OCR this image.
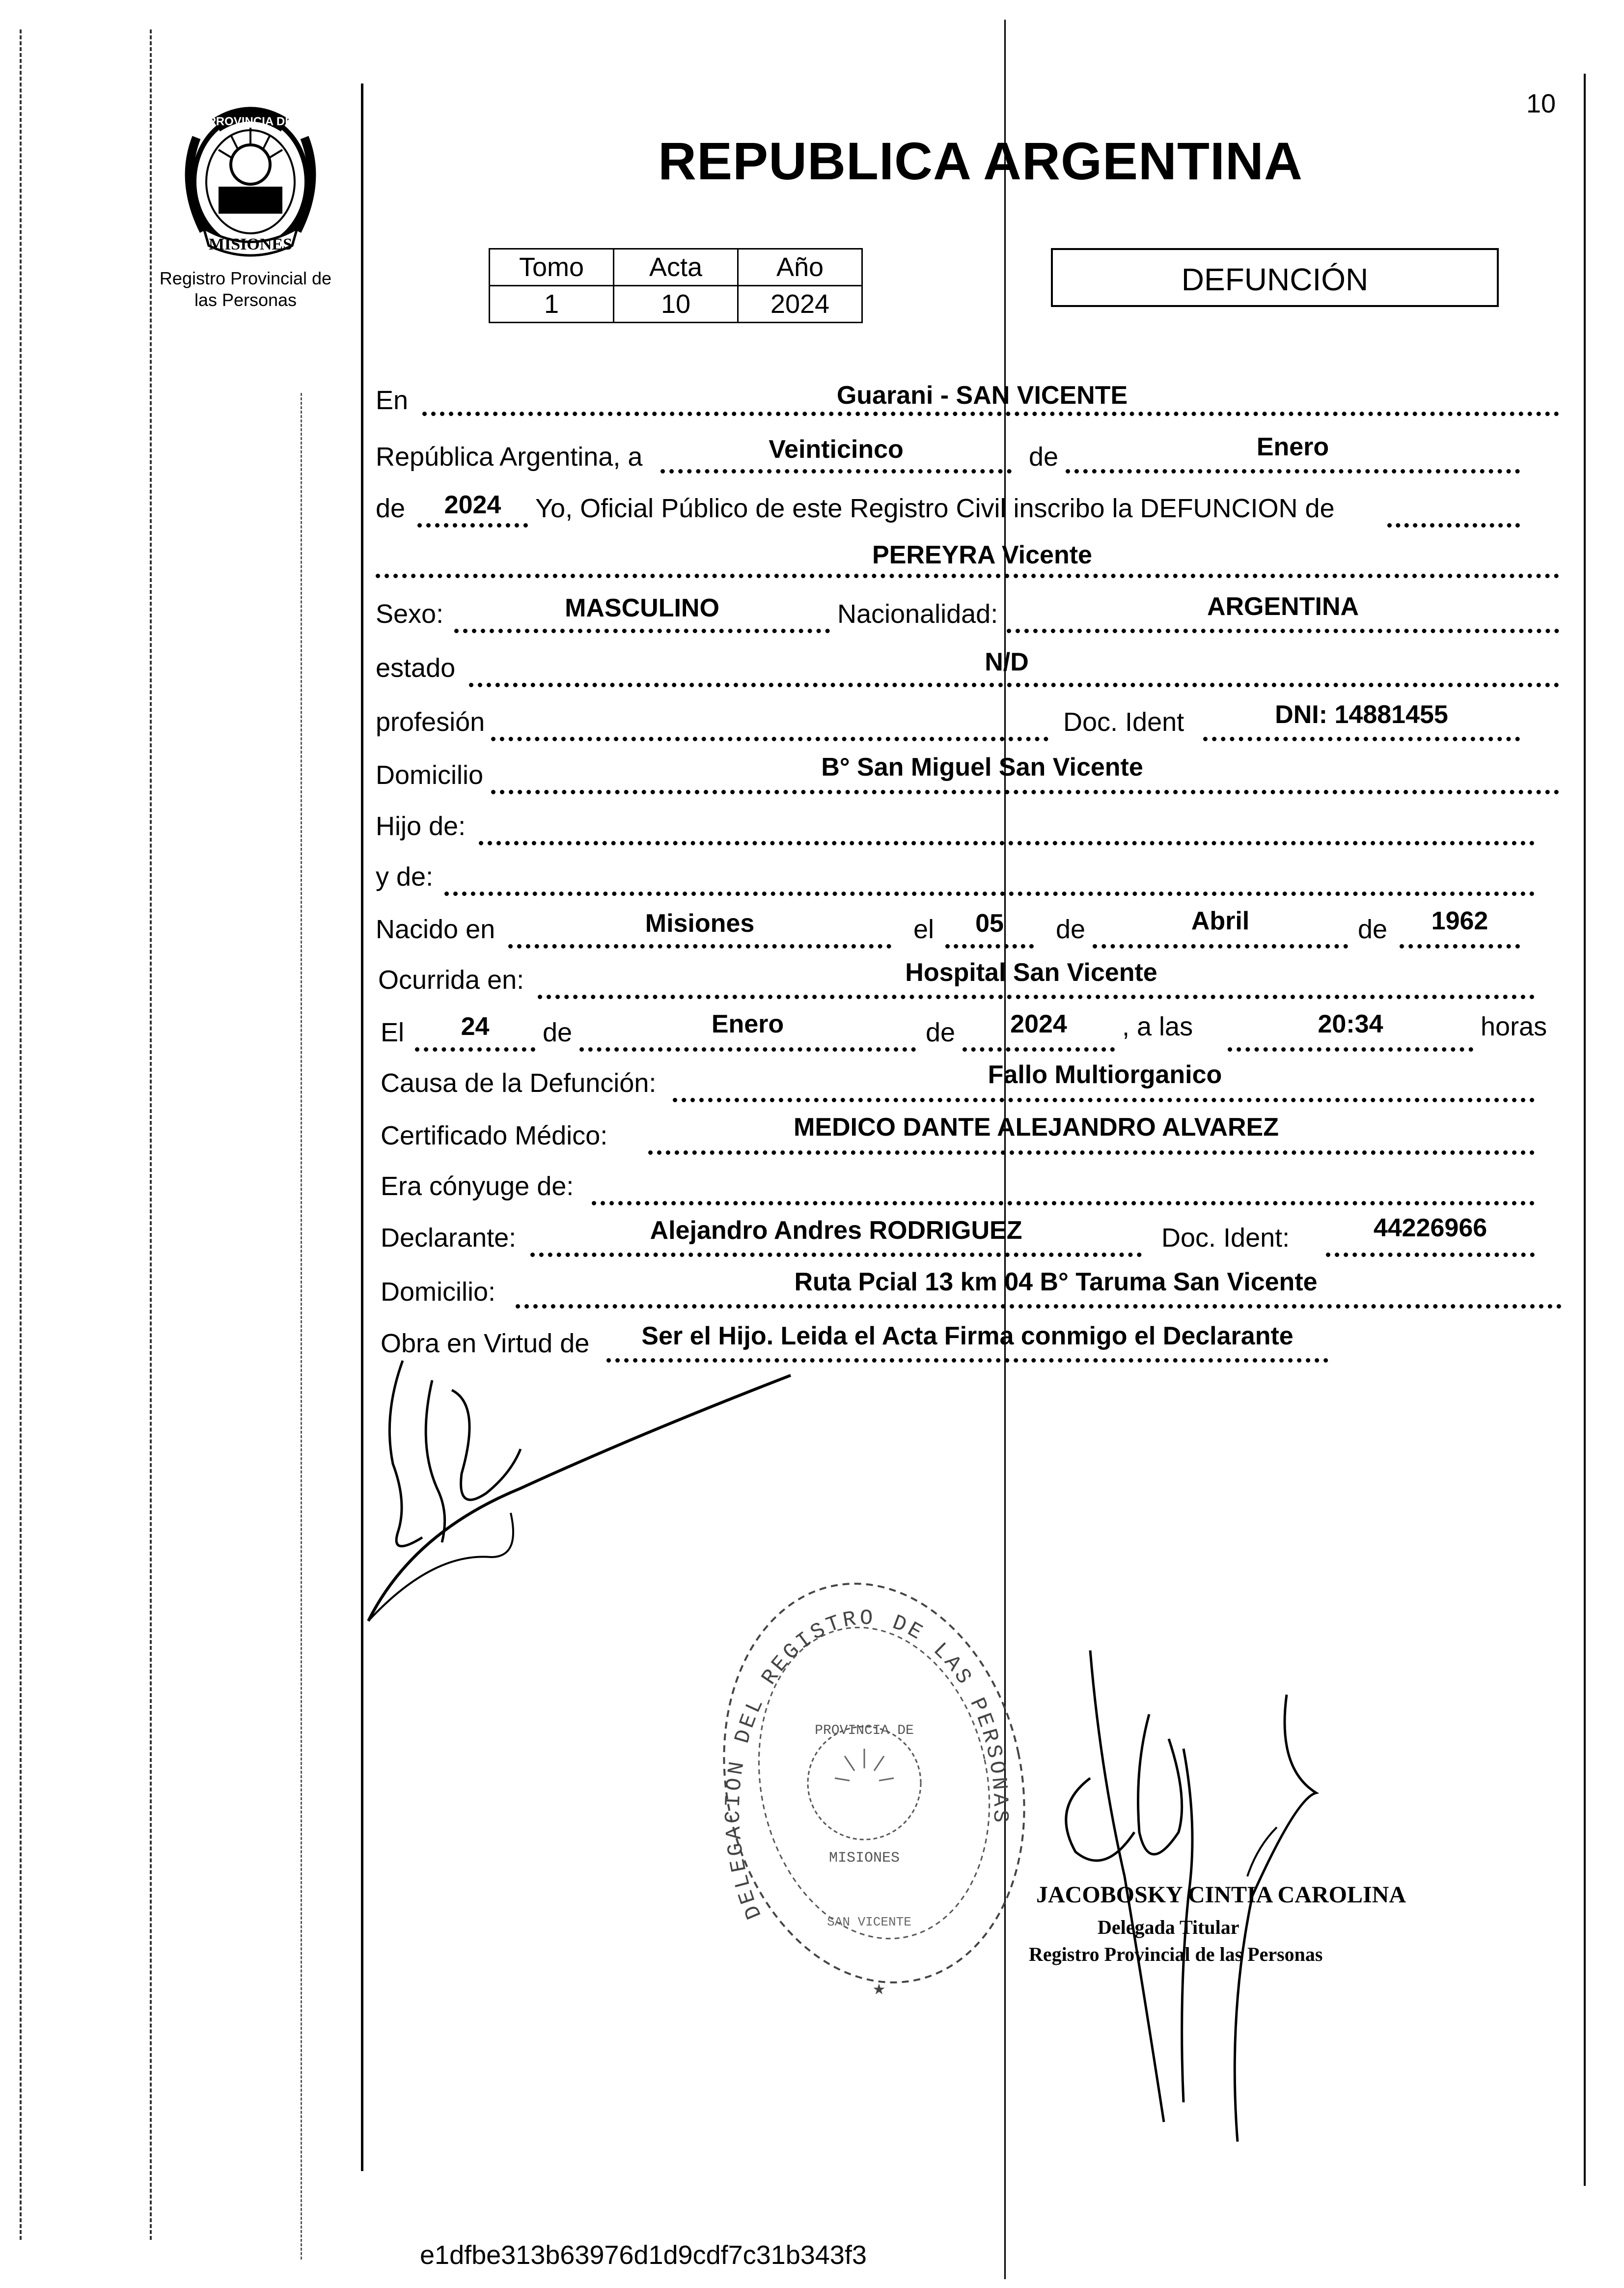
10
MISIONES
PROVINCIA DE
Registro Provincial de
las Personas
REPUBLICA ARGENTINA
Tomo	Acta	Año
1	10	2024
DEFUNCIÓN
En	Guarani - SAN VICENTE
República Argentina, a	Veinticinco	de	Enero
de	2024	Yo, Oficial Público de este Registro Civil inscribo la DEFUNCION de
PEREYRA Vicente
Sexo:	MASCULINO	Nacionalidad:	ARGENTINA
estado	N/D
profesión	Doc. Ident	DNI: 14881455
Domicilio	B° San Miguel San Vicente
Hijo de:
y de:
Nacido en	Misiones	el	05	de	Abril	de	1962
Ocurrida en:	Hospital San Vicente
El	24	de	Enero	de	2024	, a las	20:34	horas
Causa de la Defunción:	Fallo Multiorganico
Certificado Médico:	MEDICO DANTE ALEJANDRO ALVAREZ
Era cónyuge de:
Declarante:	Alejandro Andres RODRIGUEZ	Doc. Ident:	44226966
Domicilio:	Ruta Pcial 13 km 04 B° Taruma San Vicente
Obra en Virtud de	Ser el Hijo. Leida el Acta Firma conmigo el Declarante
DELEGACION DEL REGISTRO DE LAS PERSONAS
PROVINCIA DE
MISIONES
SAN VICENTE
★
JACOBOSKY CINTIA CAROLINA
Delegada Titular
Registro Provincial de las Personas
e1dfbe313b63976d1d9cdf7c31b343f3
